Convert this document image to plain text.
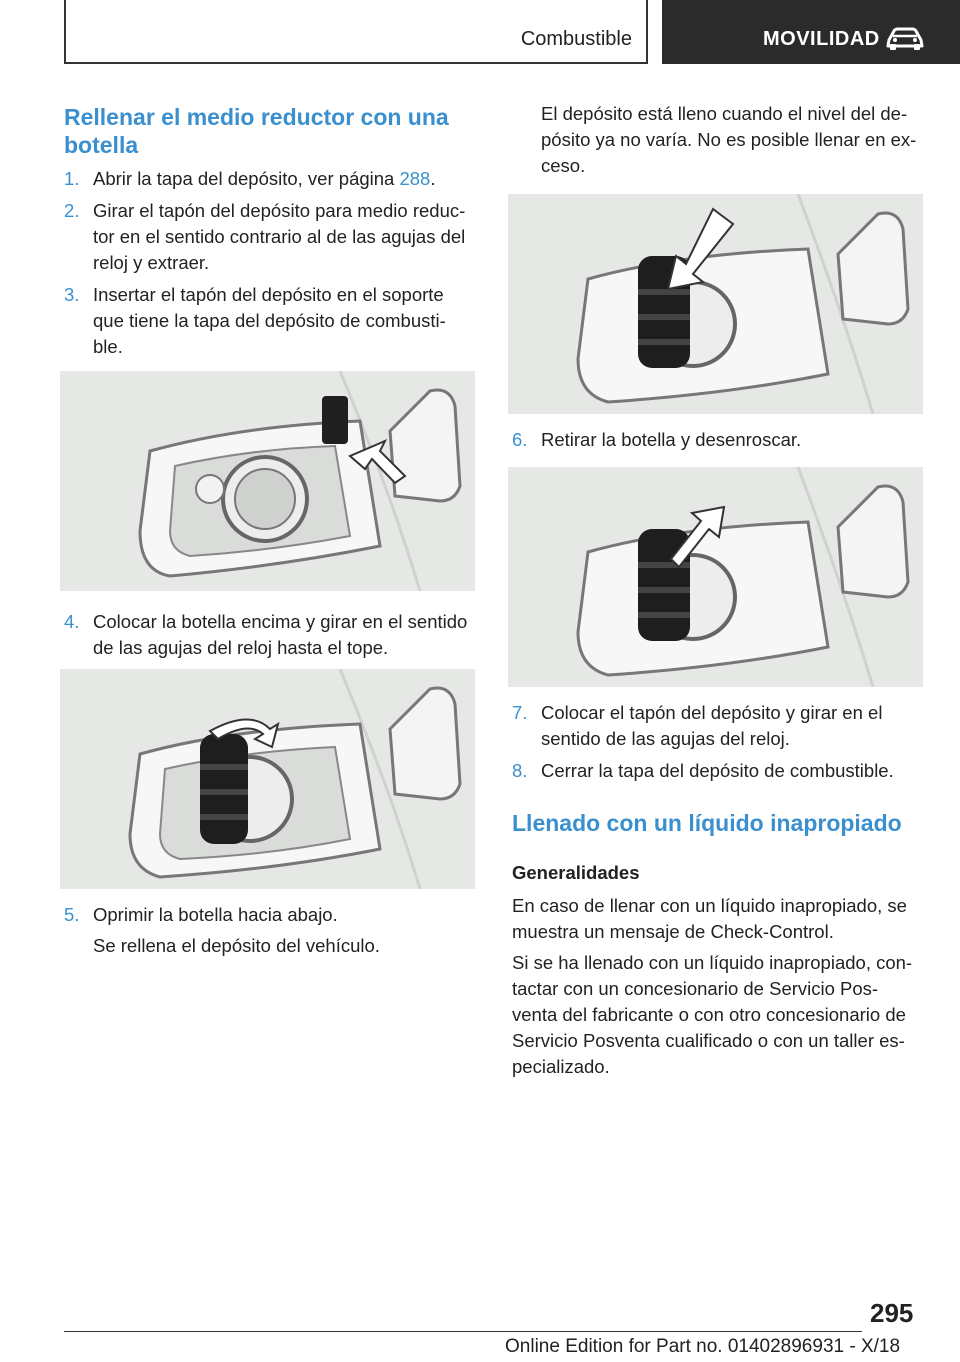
Combustible	MOVILIDAD
Rellenar el medio reductor con una
botella
1. Abrir la tapa del depósito, ver página 288.
2. Girar el tapón del depósito para medio reduc-
tor en el sentido contrario al de las agujas del
reloj y extraer.
3. Insertar el tapón del depósito en el soporte
que tiene la tapa del depósito de combusti-
ble.
4. Colocar la botella encima y girar en el sentido
de las agujas del reloj hasta el tope.
5. Oprimir la botella hacia abajo.
Se rellena el depósito del vehículo.
El depósito está lleno cuando el nivel del de-
pósito ya no varía. No es posible llenar en ex-
ceso.
6. Retirar la botella y desenroscar.
7. Colocar el tapón del depósito y girar en el
sentido de las agujas del reloj.
8. Cerrar la tapa del depósito de combustible.
Llenado con un líquido inapropiado
Generalidades
En caso de llenar con un líquido inapropiado, se
muestra un mensaje de Check-Control.
Si se ha llenado con un líquido inapropiado, con-
tactar con un concesionario de Servicio Pos-
venta del fabricante o con otro concesionario de
Servicio Posventa cualificado o con un taller es-
pecializado.
295
Online Edition for Part no. 01402896931 - X/18
